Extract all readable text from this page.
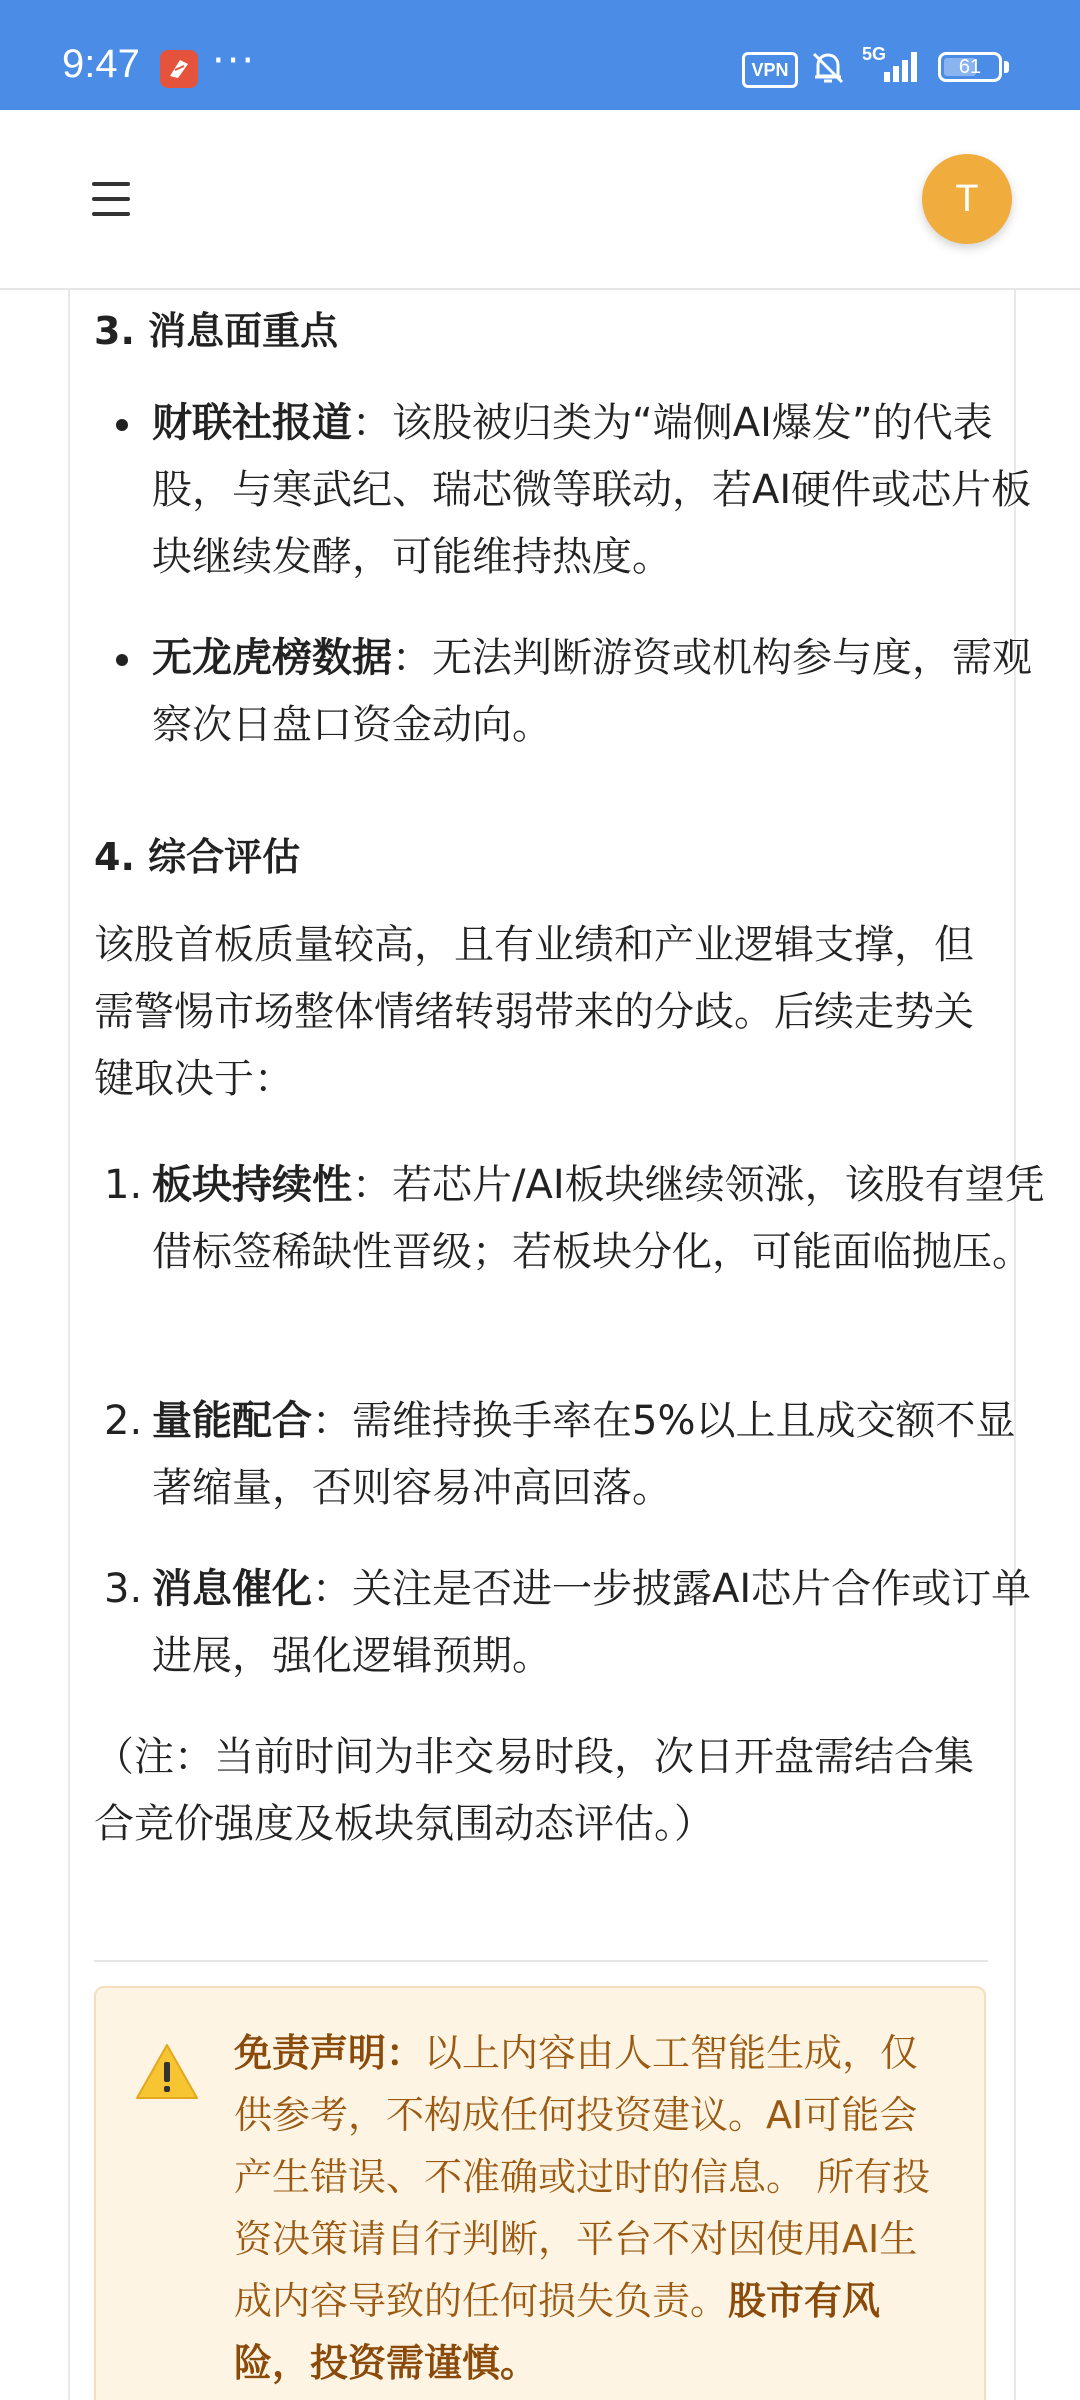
9:47 ···	VPN
5G
61
T
3. 消息面重点
财联社报道：该股被归类为“端侧AI爆发”的代表股，与寒武纪、瑞芯微等联动，若AI硬件或芯片板块继续发酵，可能维持热度。
无龙虎榜数据：无法判断游资或机构参与度，需观察次日盘口资金动向。
4. 综合评估
该股首板质量较高，且有业绩和产业逻辑支撑，但需警惕市场整体情绪转弱带来的分歧。后续走势关键取决于：
1. 板块持续性：若芯片/AI板块继续领涨，该股有望凭借标签稀缺性晋级；若板块分化，可能面临抛压。
2. 量能配合：需维持换手率在5%以上且成交额不显著缩量，否则容易冲高回落。
3. 消息催化：关注是否进一步披露AI芯片合作或订单进展，强化逻辑预期。
（注：当前时间为非交易时段，次日开盘需结合集合竞价强度及板块氛围动态评估。）
免责声明：以上内容由人工智能生成，仅供参考，不构成任何投资建议。AI可能会产生错误、不准确或过时的信息。 所有投资决策请自行判断，平台不对因使用AI生成内容导致的任何损失负责。股市有风险，投资需谨慎。
